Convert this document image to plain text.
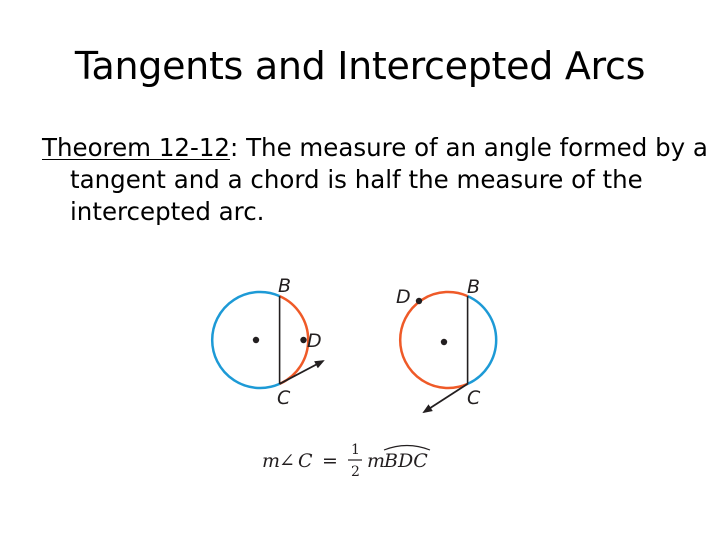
Tangents and Intercepted Arcs
Theorem 12-12: The measure of an angle formed by a tangent and a chord is half the measure of the intercepted arc.
B
C
D
B
C
D
m
∠ C = 1
2 m
BDC
